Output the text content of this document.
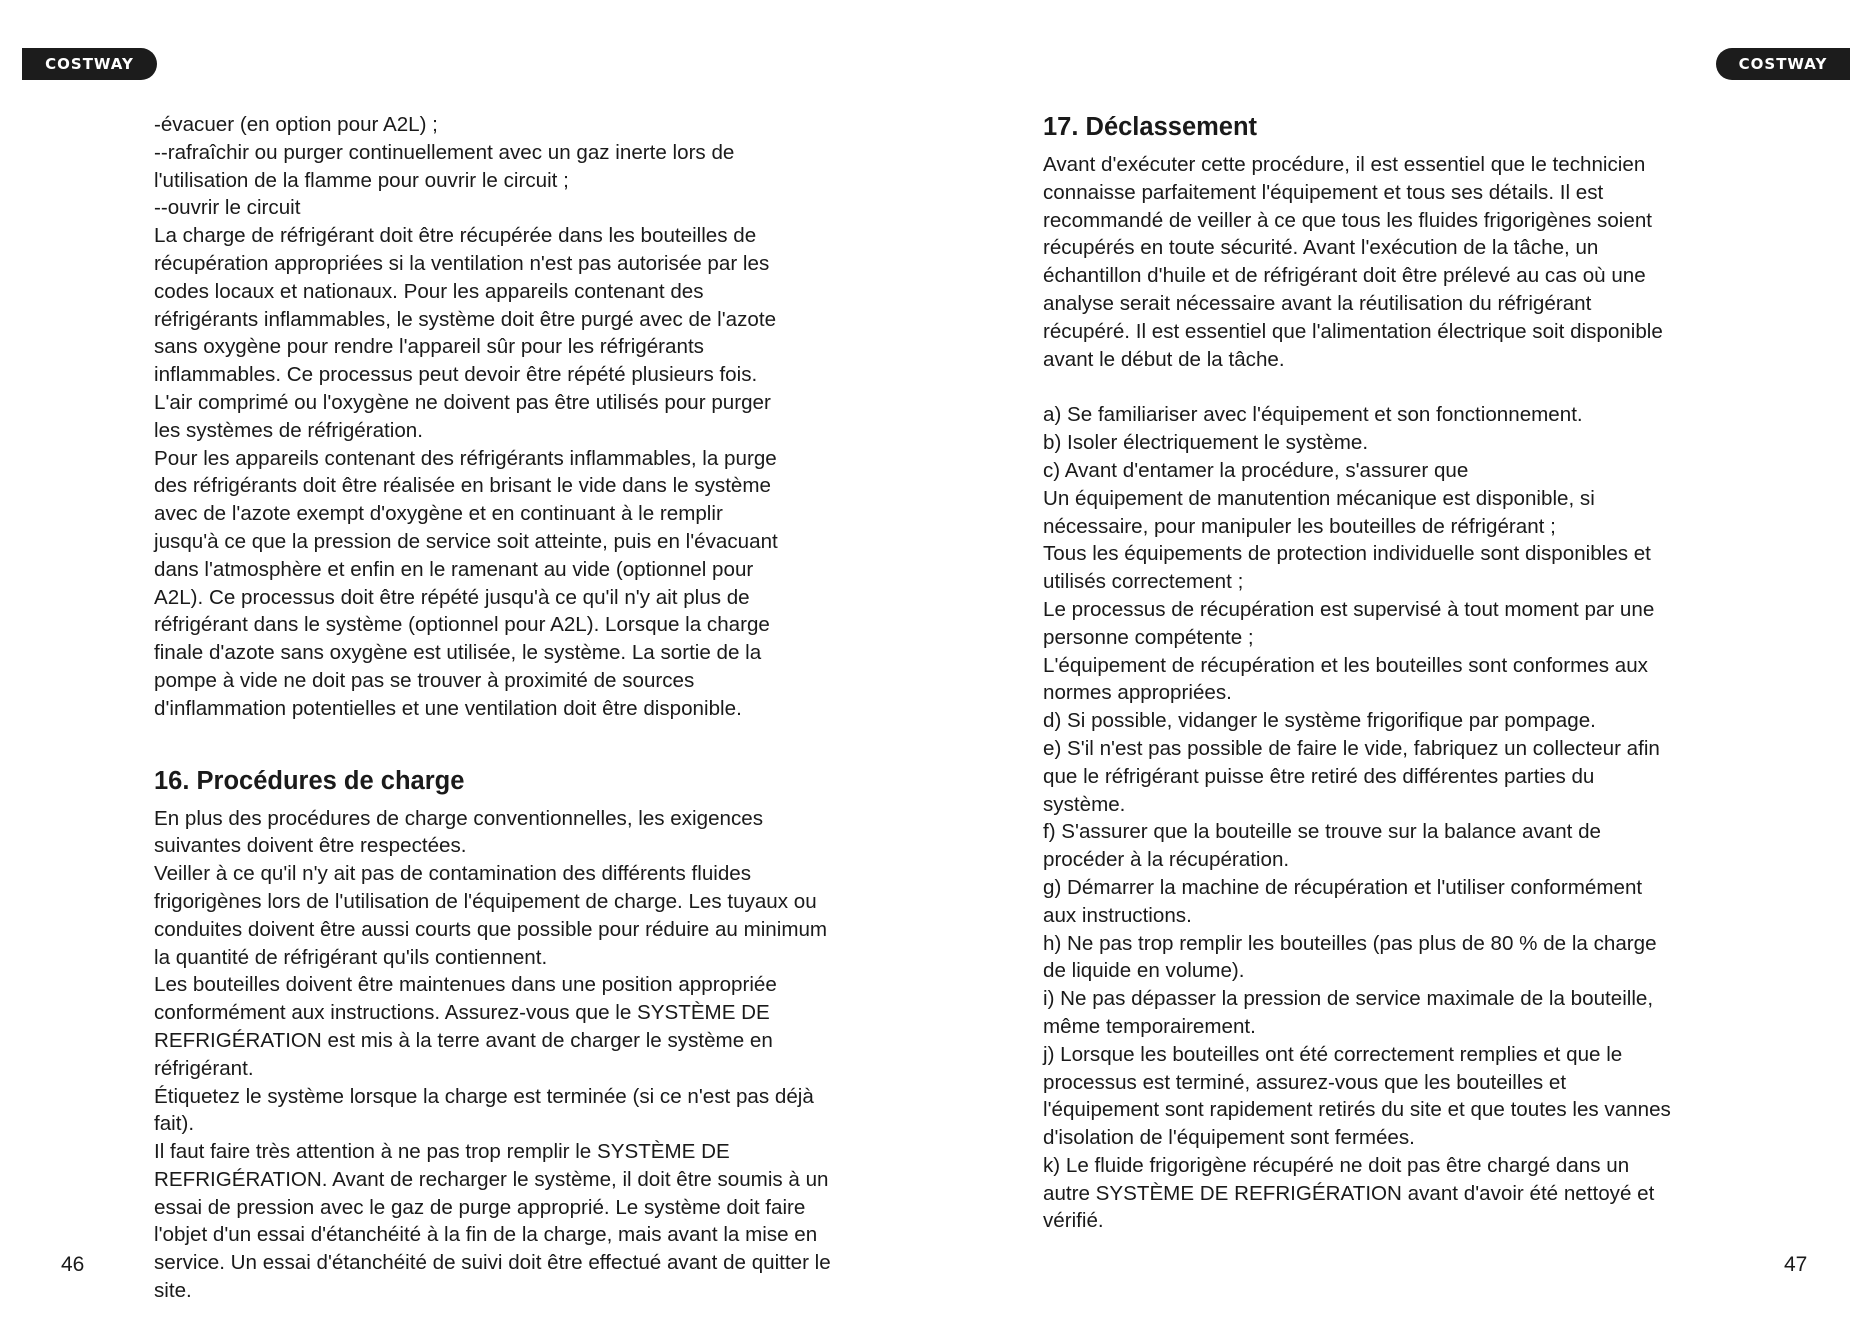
COSTWAY	COSTWAY
-évacuer (en option pour A2L) ;
--rafraîchir ou purger continuellement avec un gaz inerte lors de
l'utilisation de la flamme pour ouvrir le circuit ;
--ouvrir le circuit
La charge de réfrigérant doit être récupérée dans les bouteilles de
récupération appropriées si la ventilation n'est pas autorisée par les
codes locaux et nationaux. Pour les appareils contenant des
réfrigérants inflammables, le système doit être purgé avec de l'azote
sans oxygène pour rendre l'appareil sûr pour les réfrigérants
inflammables. Ce processus peut devoir être répété plusieurs fois.
L'air comprimé ou l'oxygène ne doivent pas être utilisés pour purger
les systèmes de réfrigération.
Pour les appareils contenant des réfrigérants inflammables, la purge
des réfrigérants doit être réalisée en brisant le vide dans le système
avec de l'azote exempt d'oxygène et en continuant à le remplir
jusqu'à ce que la pression de service soit atteinte, puis en l'évacuant
dans l'atmosphère et enfin en le ramenant au vide (optionnel pour
A2L). Ce processus doit être répété jusqu'à ce qu'il n'y ait plus de
réfrigérant dans le système (optionnel pour A2L). Lorsque la charge
finale d'azote sans oxygène est utilisée, le système. La sortie de la
pompe à vide ne doit pas se trouver à proximité de sources
d'inflammation potentielles et une ventilation doit être disponible.
16. Procédures de charge
En plus des procédures de charge conventionnelles, les exigences
suivantes doivent être respectées.
Veiller à ce qu'il n'y ait pas de contamination des différents fluides
frigorigènes lors de l'utilisation de l'équipement de charge. Les tuyaux ou
conduites doivent être aussi courts que possible pour réduire au minimum
la quantité de réfrigérant qu'ils contiennent.
Les bouteilles doivent être maintenues dans une position appropriée
conformément aux instructions. Assurez-vous que le SYSTÈME DE
REFRIGÉRATION est mis à la terre avant de charger le système en
réfrigérant.
Étiquetez le système lorsque la charge est terminée (si ce n'est pas déjà
fait).
Il faut faire très attention à ne pas trop remplir le SYSTÈME DE
REFRIGÉRATION. Avant de recharger le système, il doit être soumis à un
essai de pression avec le gaz de purge approprié. Le système doit faire
l'objet d'un essai d'étanchéité à la fin de la charge, mais avant la mise en
service. Un essai d'étanchéité de suivi doit être effectué avant de quitter le
site.
17. Déclassement
Avant d'exécuter cette procédure, il est essentiel que le technicien
connaisse parfaitement l'équipement et tous ses détails. Il est
recommandé de veiller à ce que tous les fluides frigorigènes soient
récupérés en toute sécurité. Avant l'exécution de la tâche, un
échantillon d'huile et de réfrigérant doit être prélevé au cas où une
analyse serait nécessaire avant la réutilisation du réfrigérant
récupéré. Il est essentiel que l'alimentation électrique soit disponible
avant le début de la tâche.
a) Se familiariser avec l'équipement et son fonctionnement.
b) Isoler électriquement le système.
c) Avant d'entamer la procédure, s'assurer que
Un équipement de manutention mécanique est disponible, si
nécessaire, pour manipuler les bouteilles de réfrigérant ;
Tous les équipements de protection individuelle sont disponibles et
utilisés correctement ;
Le processus de récupération est supervisé à tout moment par une
personne compétente ;
L'équipement de récupération et les bouteilles sont conformes aux
normes appropriées.
d) Si possible, vidanger le système frigorifique par pompage.
e) S'il n'est pas possible de faire le vide, fabriquez un collecteur afin
que le réfrigérant puisse être retiré des différentes parties du
système.
f) S'assurer que la bouteille se trouve sur la balance avant de
procéder à la récupération.
g) Démarrer la machine de récupération et l'utiliser conformément
aux instructions.
h) Ne pas trop remplir les bouteilles (pas plus de 80 % de la charge
de liquide en volume).
i) Ne pas dépasser la pression de service maximale de la bouteille,
même temporairement.
j) Lorsque les bouteilles ont été correctement remplies et que le
processus est terminé, assurez-vous que les bouteilles et
l'équipement sont rapidement retirés du site et que toutes les vannes
d'isolation de l'équipement sont fermées.
k) Le fluide frigorigène récupéré ne doit pas être chargé dans un
autre SYSTÈME DE REFRIGÉRATION avant d'avoir été nettoyé et
vérifié.
46	47
